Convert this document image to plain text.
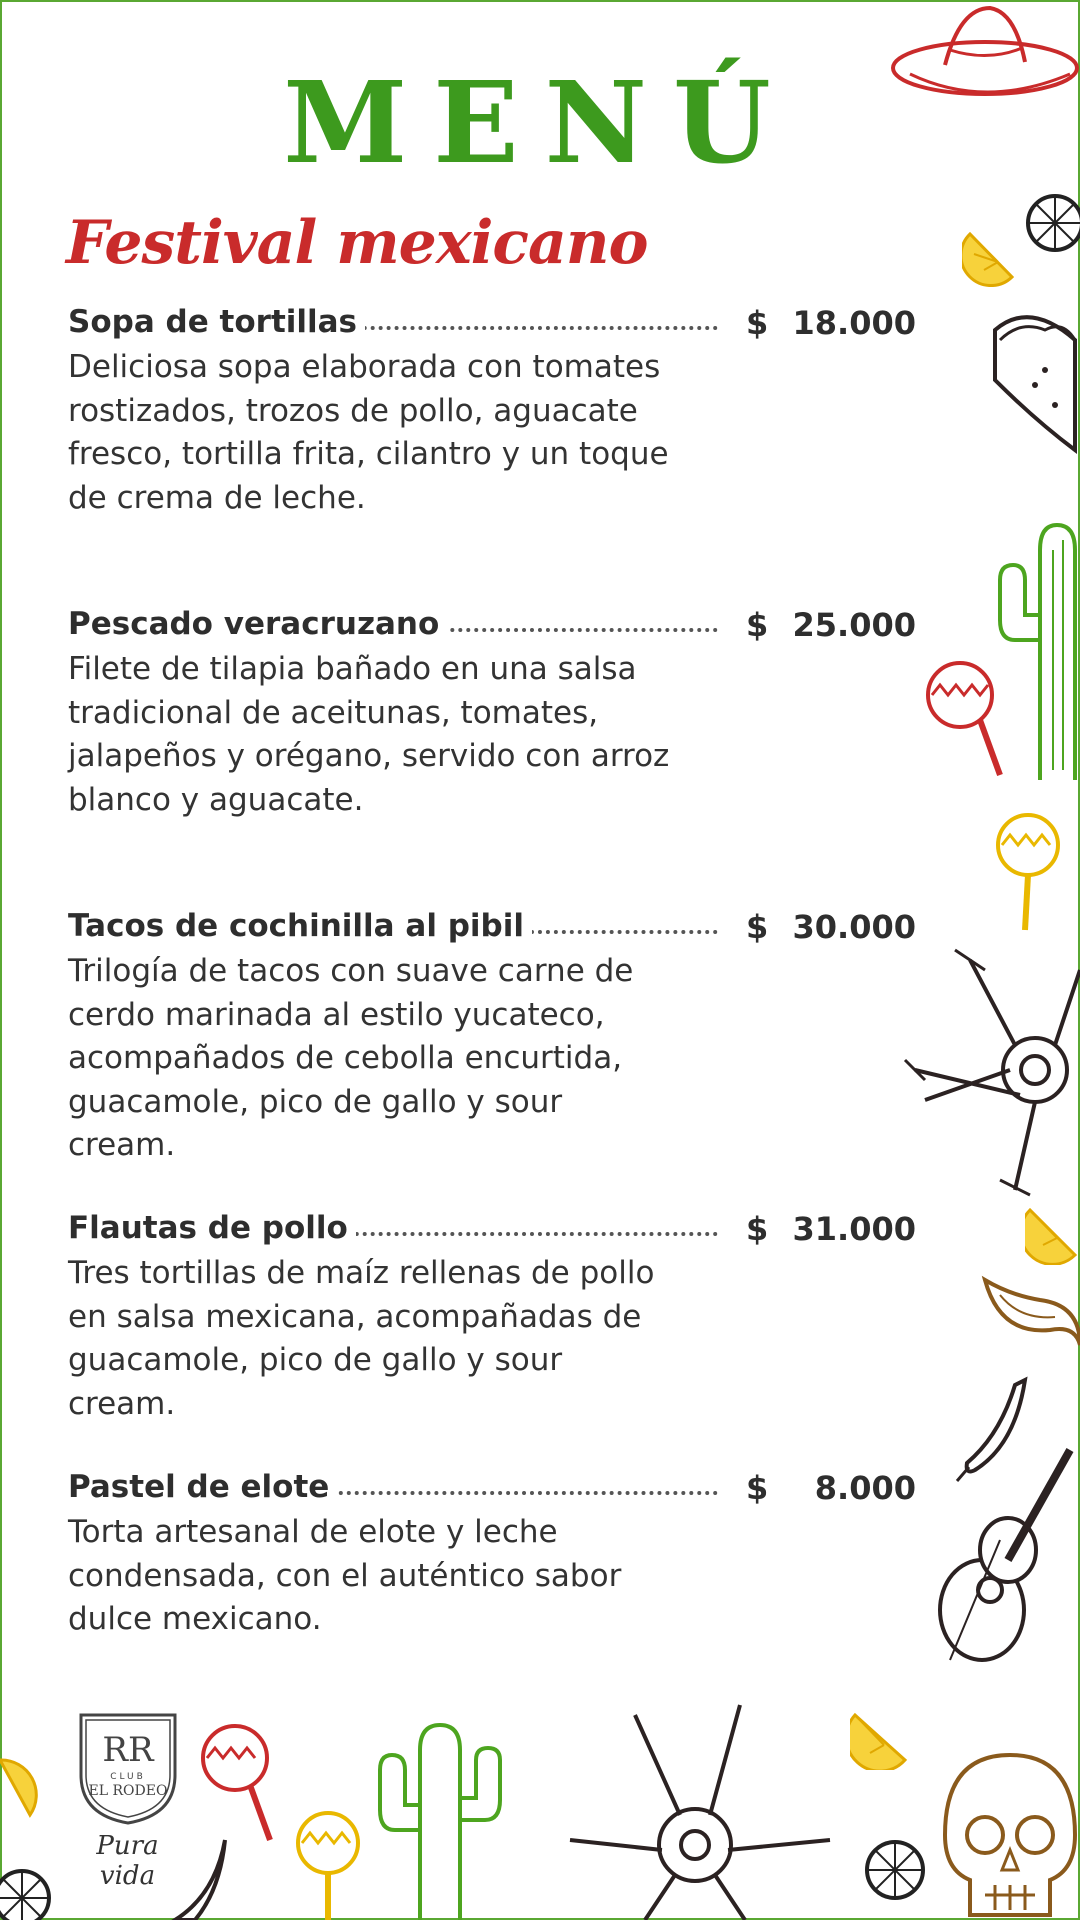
MENÚ
Festival mexicano
Sopa de tortillas	$ 18.000
Deliciosa sopa elaborada con tomates rostizados, trozos de pollo, aguacate fresco, tortilla frita, cilantro y un toque de crema de leche.
Pescado veracruzano	$ 25.000
Filete de tilapia bañado en una salsa tradicional de aceitunas, tomates, jalapeños y orégano, servido con arroz blanco y aguacate.
Tacos de cochinilla al pibil	$ 30.000
Trilogía de tacos con suave carne de cerdo marinada al estilo yucateco, acompañados de cebolla encurtida, guacamole, pico de gallo y sour cream.
Flautas de pollo	$ 31.000
Tres tortillas de maíz rellenas de pollo en salsa mexicana, acompañadas de guacamole, pico de gallo y sour cream.
Pastel de elote	$ 8.000
Torta artesanal de elote y leche condensada, con el auténtico sabor dulce mexicano.
RR
CLUB
EL RODEO
Pura vida
